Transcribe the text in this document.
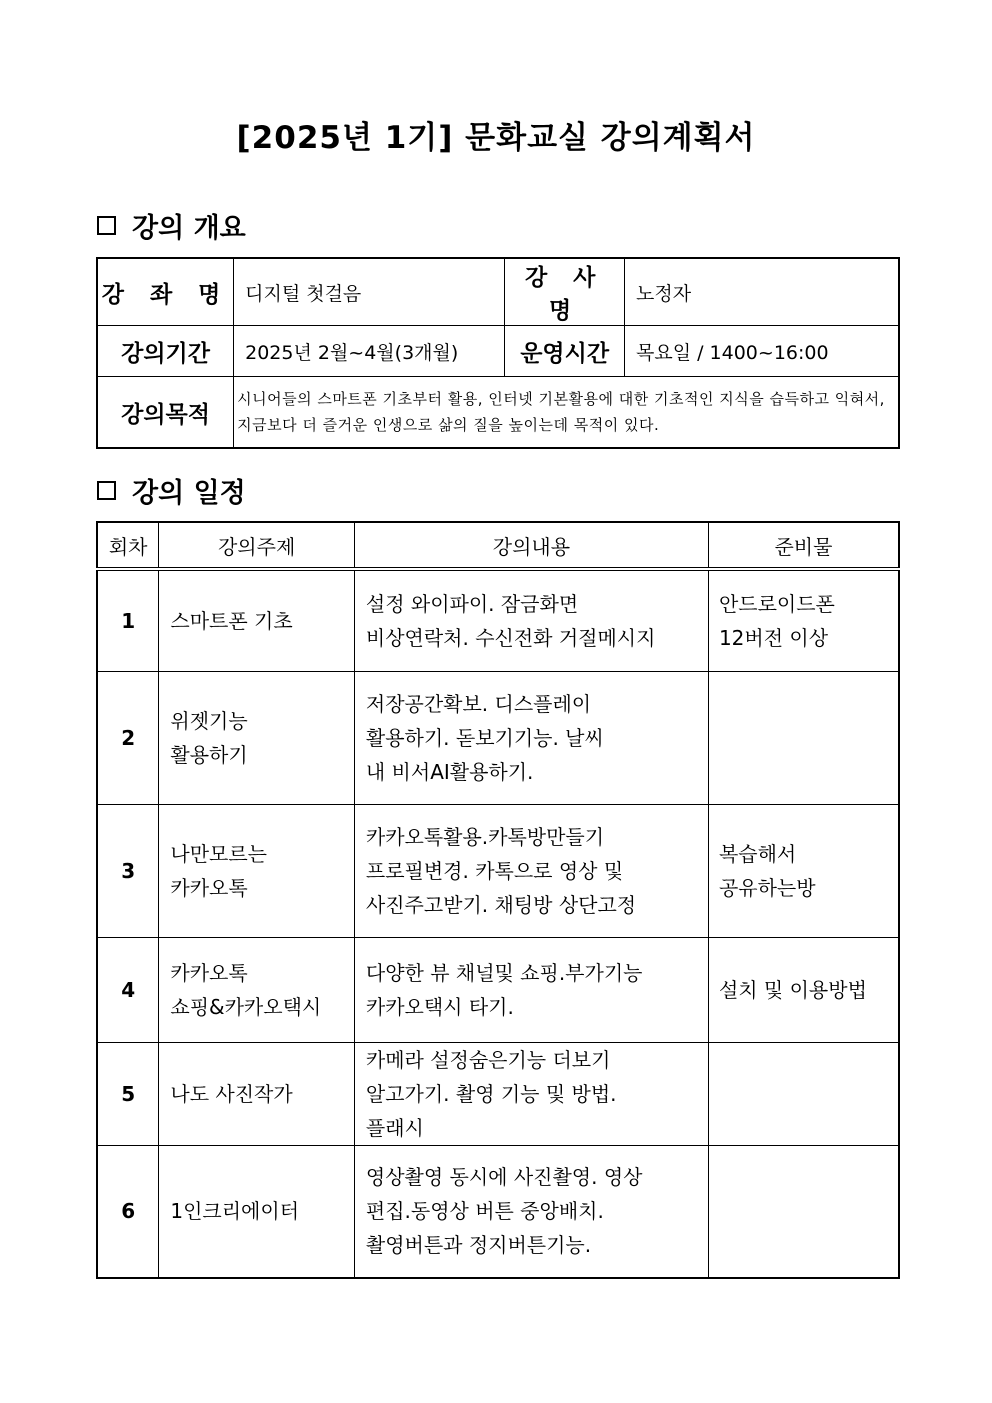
[2025년 1기] 문화교실 강의계획서
강의 개요
강 좌 명	디지털 첫걸음	강 사 명	노정자
강의기간	2025년 2월~4월(3개월)	운영시간	목요일 / 1400~16:00
강의목적	시니어들의 스마트폰 기초부터 활용, 인터넷 기본활용에 대한 기초적인 지식을 습득하고 익혀서, 지금보다 더 즐거운 인생으로 삶의 질을 높이는데 목적이 있다.		
강의 일정
회차	강의주제	강의내용	준비물
1	스마트폰 기초	설정 와이파이. 잠금화면
비상연락처. 수신전화 거절메시지	안드로이드폰
12버전 이상

2	위젯기능
활용하기	저장공간확보. 디스플레이
활용하기. 돋보기기능. 날씨
내 비서AI활용하기.	

3	나만모르는
카카오톡	카카오톡활용.카톡방만들기
프로필변경. 카톡으로 영상 및
사진주고받기. 채팅방 상단고정	복습해서
공유하는방

4	카카오톡
쇼핑&카카오택시	다양한 뷰 채널및 쇼핑.부가기능
카카오택시 타기.	설치 및 이용방법

5	나도 사진작가	카메라 설정숨은기능 더보기
알고가기. 촬영 기능 및 방법.
플래시	

6	1인크리에이터	영상촬영 동시에 사진촬영. 영상
편집.동영상 버튼 중앙배치.
촬영버튼과 정지버튼기능.	
